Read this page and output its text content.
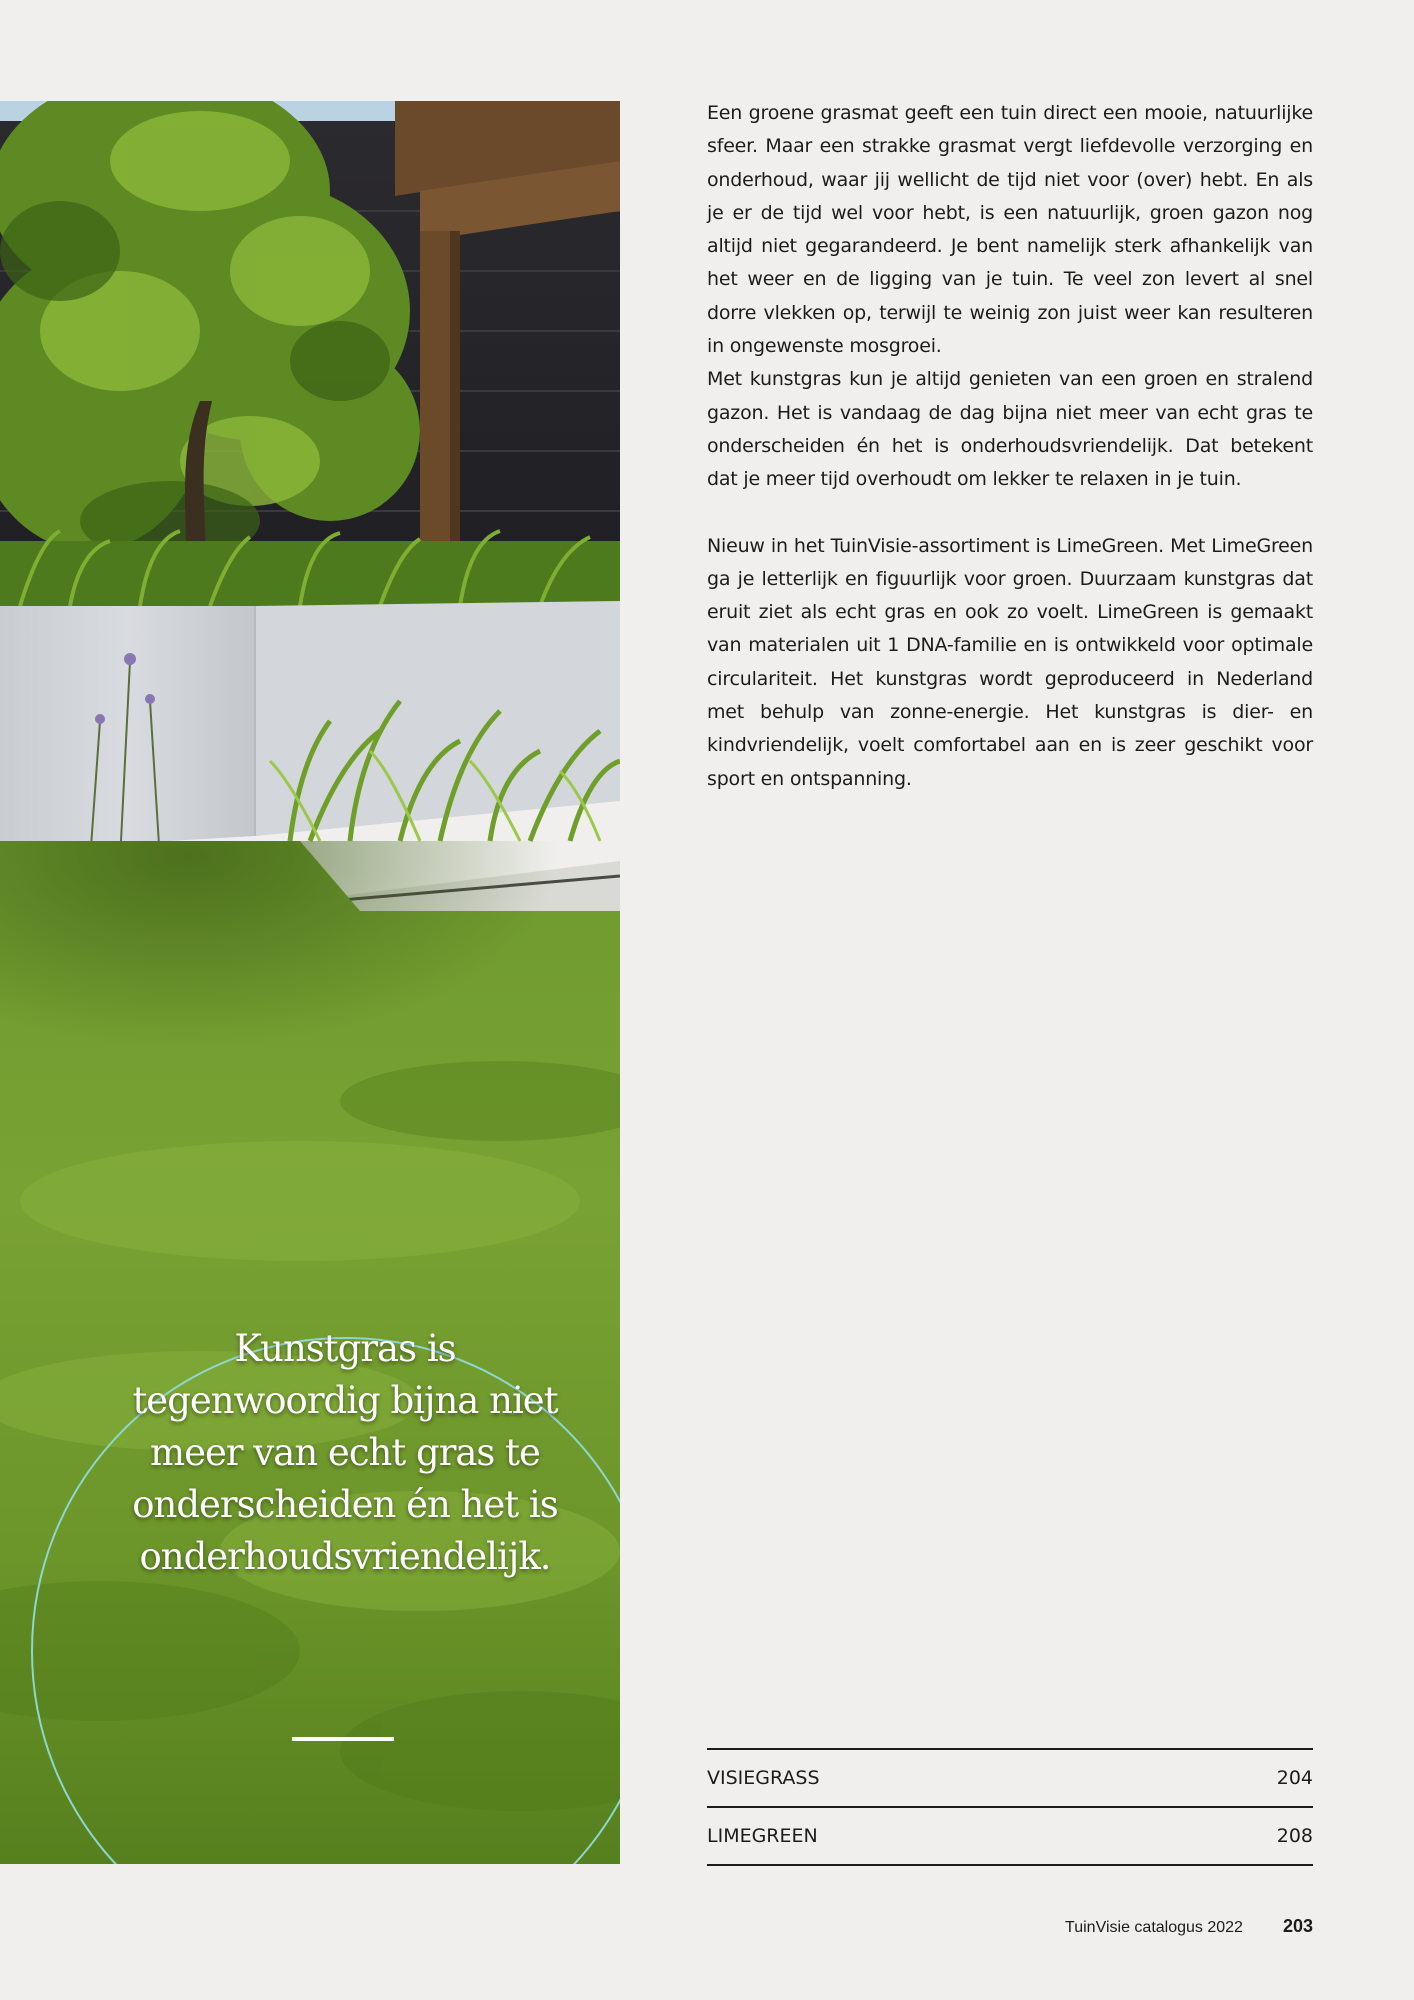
Kunstgras is tegenwoordig bijna niet meer van echt gras te onderscheiden én het is onderhoudsvriendelijk.

Een groene grasmat geeft een tuin direct een mooie, natuurlijke sfeer. Maar een strakke grasmat vergt liefdevolle verzorging en onderhoud, waar jij wellicht de tijd niet voor (over) hebt. En als je er de tijd wel voor hebt, is een natuurlijk, groen gazon nog altijd niet gegarandeerd. Je bent namelijk sterk afhankelijk van het weer en de ligging van je tuin. Te veel zon levert al snel dorre vlekken op, terwijl te weinig zon juist weer kan resulteren in ongewenste mosgroei.

Met kunstgras kun je altijd genieten van een groen en stralend gazon. Het is vandaag de dag bijna niet meer van echt gras te onderscheiden én het is onderhoudsvriendelijk. Dat betekent dat je meer tijd overhoudt om lekker te relaxen in je tuin.

Nieuw in het TuinVisie-assortiment is LimeGreen. Met LimeGreen ga je letterlijk en figuurlijk voor groen. Duurzaam kunstgras dat eruit ziet als echt gras en ook zo voelt. LimeGreen is gemaakt van materialen uit 1 DNA-familie en is ontwikkeld voor optimale circulariteit. Het kunstgras wordt geproduceerd in Nederland met behulp van zonne-energie. Het kunstgras is dier- en kindvriendelijk, voelt comfortabel aan en is zeer geschikt voor sport en ontspanning.

VISIEGRASS	204
LIMEGREEN	208
TuinVisie catalogus 2022 203
